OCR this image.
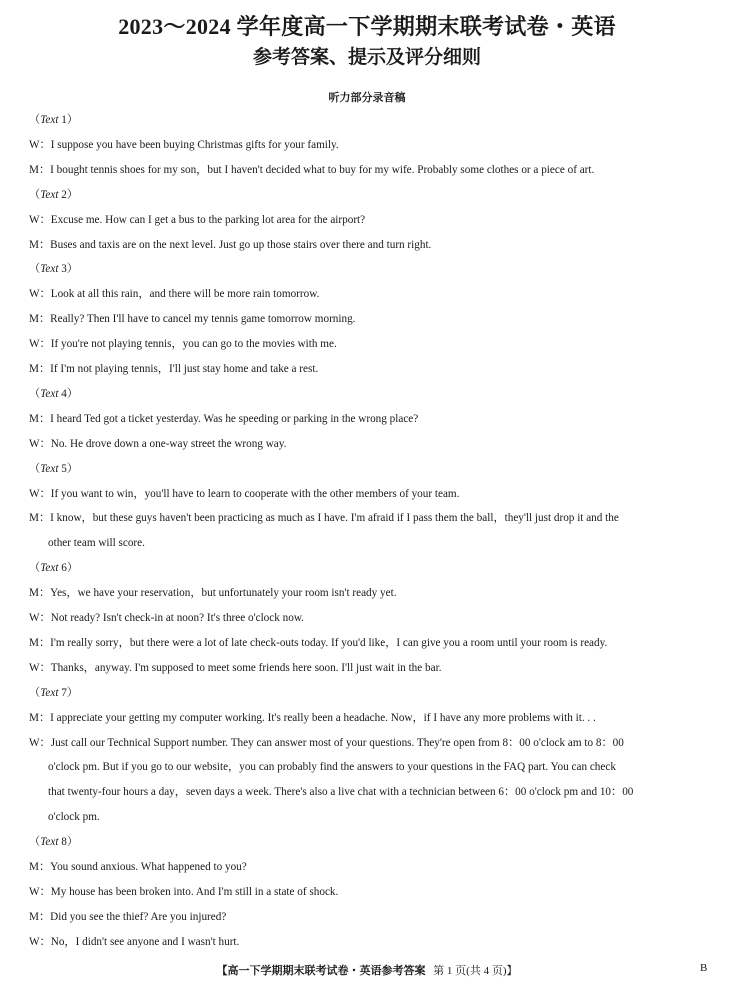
2023～2024 学年度高一下学期期末联考试卷・英语
参考答案、提示及评分细则
听力部分录音稿
（Text 1）
W：I suppose you have been buying Christmas gifts for your family.
M：I bought tennis shoes for my son，but I haven't decided what to buy for my wife. Probably some clothes or a piece of art.
（Text 2）
W：Excuse me. How can I get a bus to the parking lot area for the airport?
M：Buses and taxis are on the next level. Just go up those stairs over there and turn right.
（Text 3）
W：Look at all this rain，and there will be more rain tomorrow.
M：Really? Then I'll have to cancel my tennis game tomorrow morning.
W：If you're not playing tennis，you can go to the movies with me.
M：If I'm not playing tennis，I'll just stay home and take a rest.
（Text 4）
M：I heard Ted got a ticket yesterday. Was he speeding or parking in the wrong place?
W：No. He drove down a one-way street the wrong way.
（Text 5）
W：If you want to win，you'll have to learn to cooperate with the other members of your team.
M：I know，but these guys haven't been practicing as much as I have. I'm afraid if I pass them the ball，they'll just drop it and the
other team will score.
（Text 6）
M：Yes，we have your reservation，but unfortunately your room isn't ready yet.
W：Not ready? Isn't check-in at noon? It's three o'clock now.
M：I'm really sorry，but there were a lot of late check-outs today. If you'd like，I can give you a room until your room is ready.
W：Thanks，anyway. I'm supposed to meet some friends here soon. I'll just wait in the bar.
（Text 7）
M：I appreciate your getting my computer working. It's really been a headache. Now，if I have any more problems with it. . .
W：Just call our Technical Support number. They can answer most of your questions. They're open from 8：00 o'clock am to 8：00
o'clock pm. But if you go to our website，you can probably find the answers to your questions in the FAQ part. You can check
that twenty-four hours a day，seven days a week. There's also a live chat with a technician between 6：00 o'clock pm and 10：00
o'clock pm.
（Text 8）
M：You sound anxious. What happened to you?
W：My house has been broken into. And I'm still in a state of shock.
M：Did you see the thief? Are you injured?
W：No，I didn't see anyone and I wasn't hurt.
【高一下学期期末联考试卷・英语参考答案 第 1 页(共 4 页)】	B
